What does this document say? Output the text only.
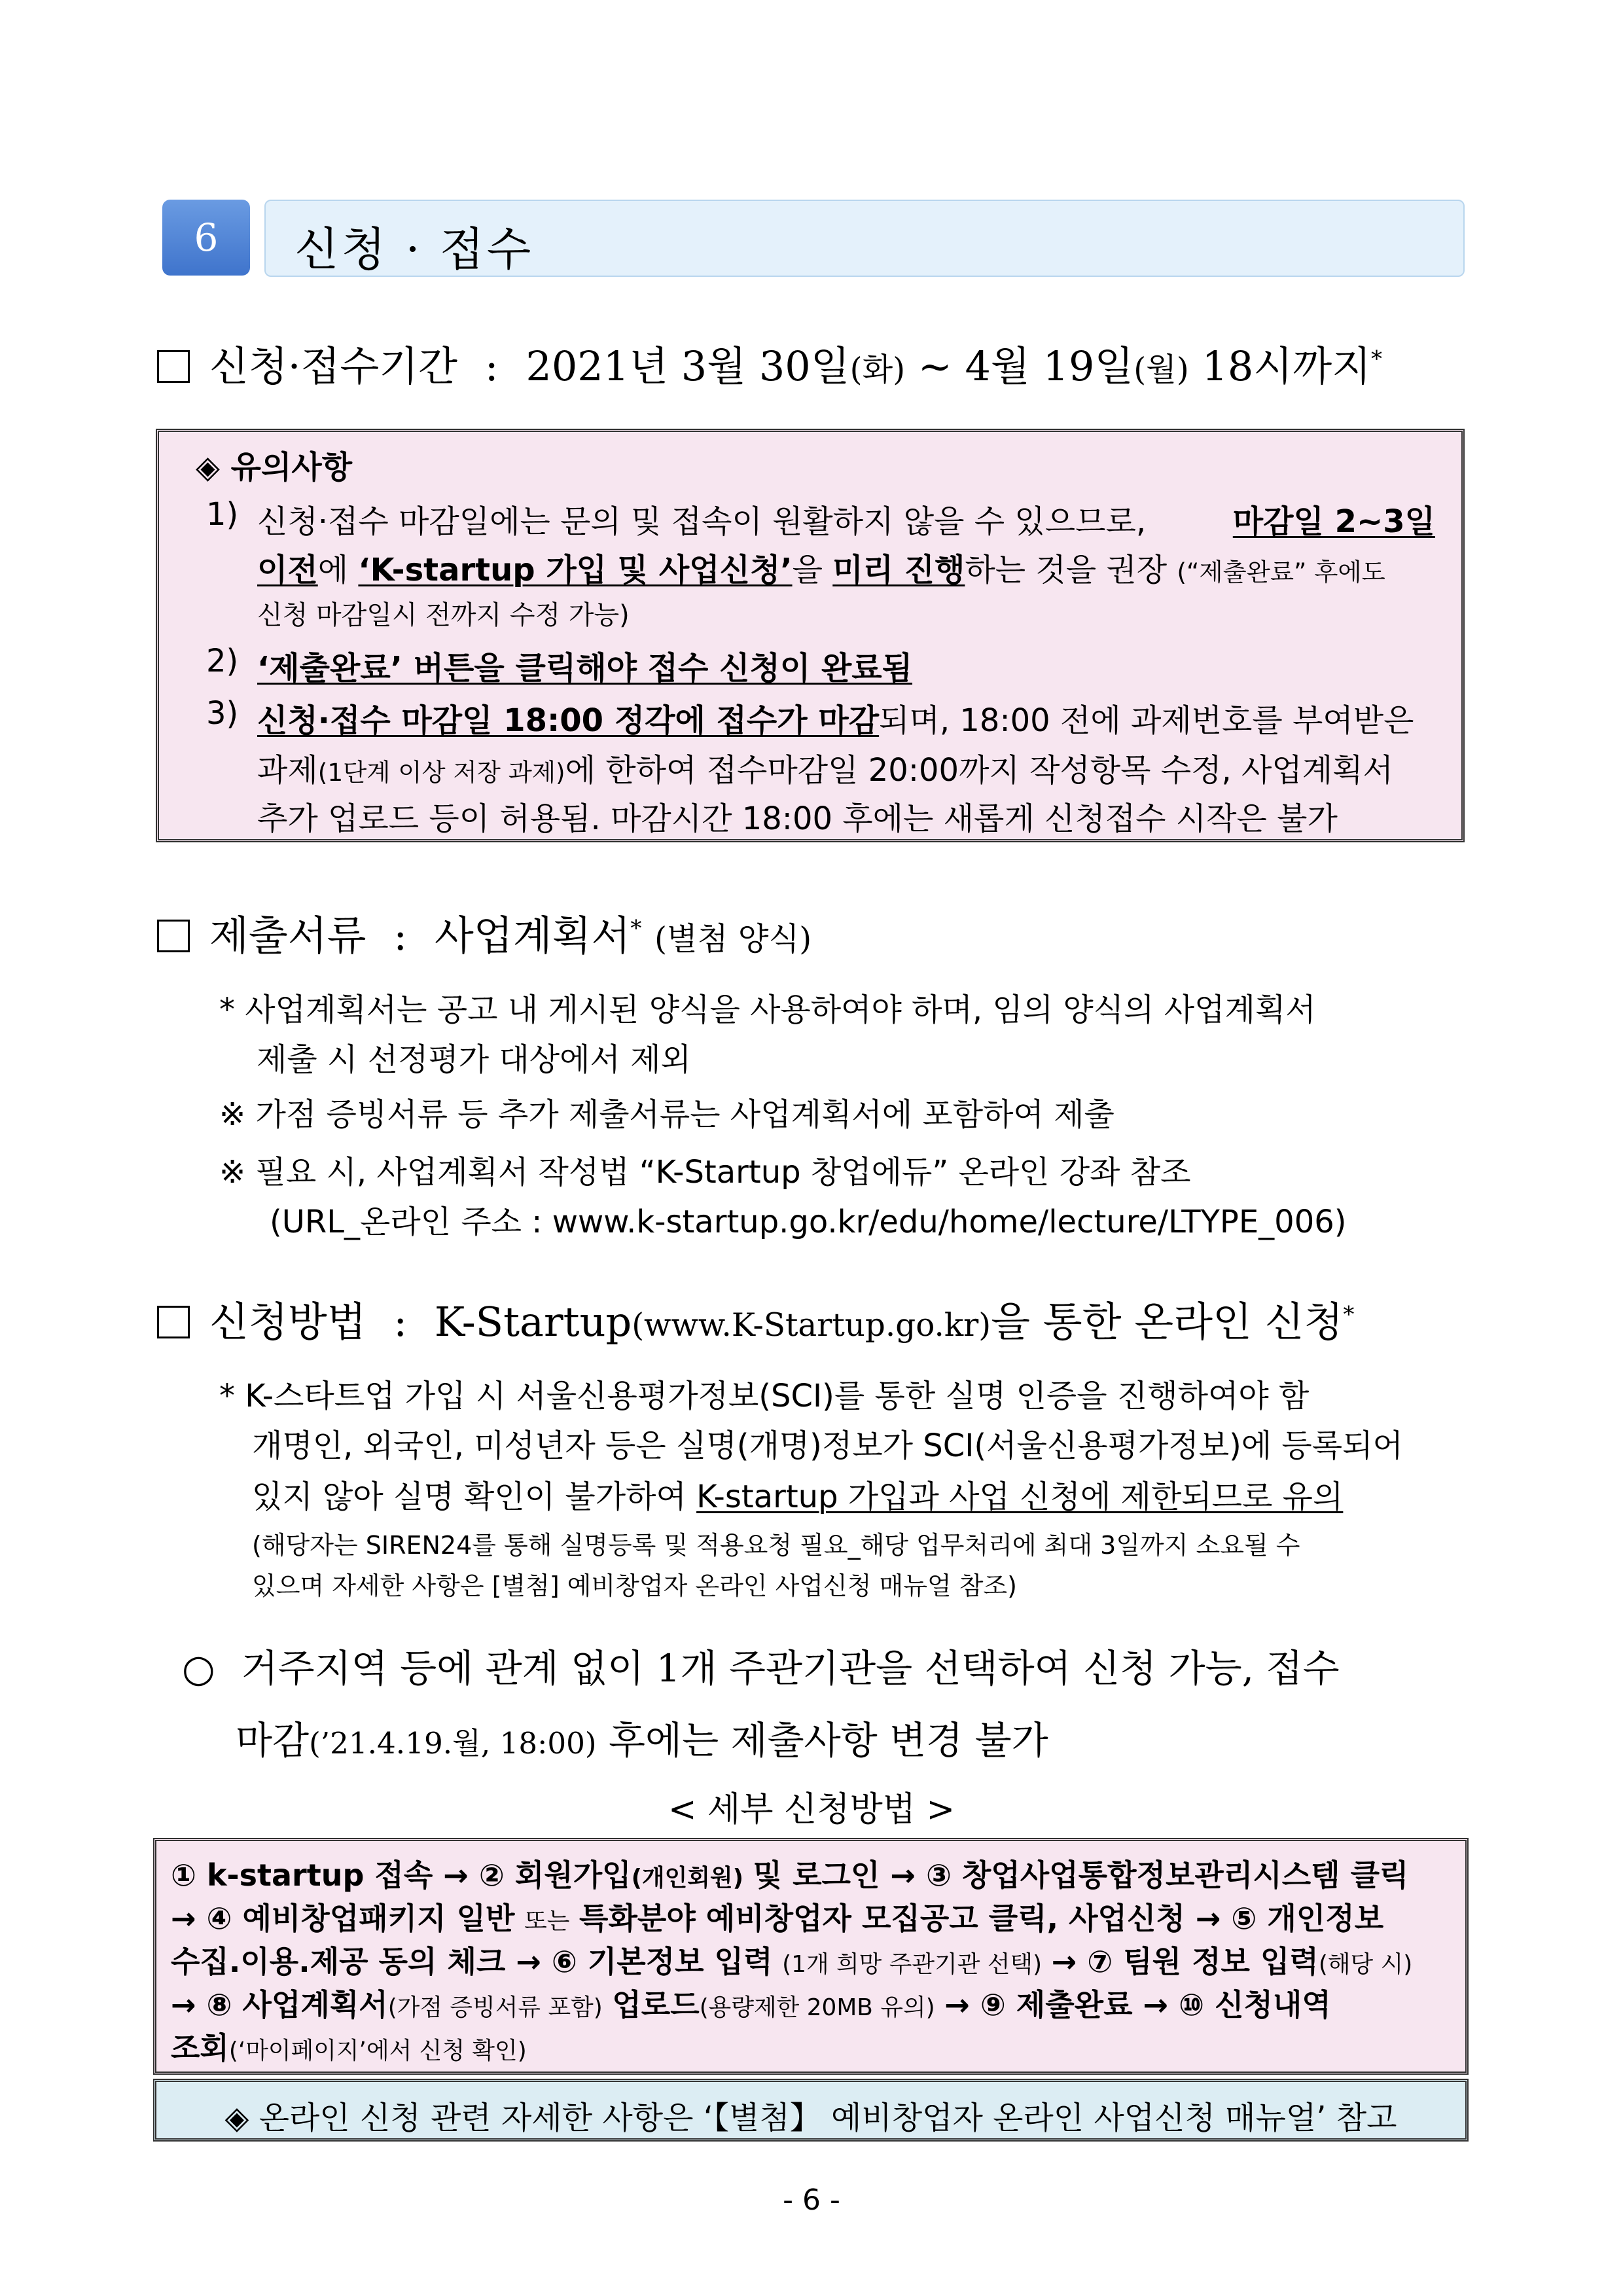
6	신청 · 접수
신청·접수기간 : 2021년 3월 30일(화) ~ 4월 19일(월) 18시까지*
◈ 유의사항
1) 신청·접수 마감일에는 문의 및 접속이 원활하지 않을 수 있으므로,	마감일 2~3일
이전에 ‘K-startup 가입 및 사업신청’을 미리 진행하는 것을 권장 (“제출완료” 후에도
신청 마감일시 전까지 수정 가능)
2) ‘제출완료’ 버튼을 클릭해야 접수 신청이 완료됨
3) 신청·접수 마감일 18:00 정각에 접수가 마감되며, 18:00 전에 과제번호를 부여받은
과제(1단계 이상 저장 과제)에 한하여 접수마감일 20:00까지 작성항목 수정, 사업계획서
추가 업로드 등이 허용됨. 마감시간 18:00 후에는 새롭게 신청접수 시작은 불가
제출서류 : 사업계획서* (별첨 양식)
* 사업계획서는 공고 내 게시된 양식을 사용하여야 하며, 임의 양식의 사업계획서
제출 시 선정평가 대상에서 제외
※ 가점 증빙서류 등 추가 제출서류는 사업계획서에 포함하여 제출
※ 필요 시, 사업계획서 작성법 “K-Startup 창업에듀” 온라인 강좌 참조
(URL_온라인 주소 : www.k-startup.go.kr/edu/home/lecture/LTYPE_006)
신청방법 : K-Startup(www.K-Startup.go.kr)을 통한 온라인 신청*
* K-스타트업 가입 시 서울신용평가정보(SCI)를 통한 실명 인증을 진행하여야 함
개명인, 외국인, 미성년자 등은 실명(개명)정보가 SCI(서울신용평가정보)에 등록되어
있지 않아 실명 확인이 불가하여 K-startup 가입과 사업 신청에 제한되므로 유의
(해당자는 SIREN24를 통해 실명등록 및 적용요청 필요_해당 업무처리에 최대 3일까지 소요될 수
있으며 자세한 사항은 [별첨] 예비창업자 온라인 사업신청 매뉴얼 참조)
○ 거주지역 등에 관계 없이 1개 주관기관을 선택하여 신청 가능, 접수
마감(’21.4.19.월, 18:00) 후에는 제출사항 변경 불가
< 세부 신청방법 >
① k-startup 접속 → ② 회원가입(개인회원) 및 로그인 → ③ 창업사업통합정보관리시스템 클릭
→ ④ 예비창업패키지 일반 또는 특화분야 예비창업자 모집공고 클릭, 사업신청 → ⑤ 개인정보
수집.이용.제공 동의 체크 → ⑥ 기본정보 입력 (1개 희망 주관기관 선택) → ⑦ 팀원 정보 입력(해당 시)
→ ⑧ 사업계획서(가점 증빙서류 포함) 업로드(용량제한 20MB 유의) → ⑨ 제출완료 → ⑩ 신청내역
조회(‘마이페이지’에서 신청 확인)
◈ 온라인 신청 관련 자세한 사항은 ‘【별첨】 예비창업자 온라인 사업신청 매뉴얼’ 참고
- 6 -
